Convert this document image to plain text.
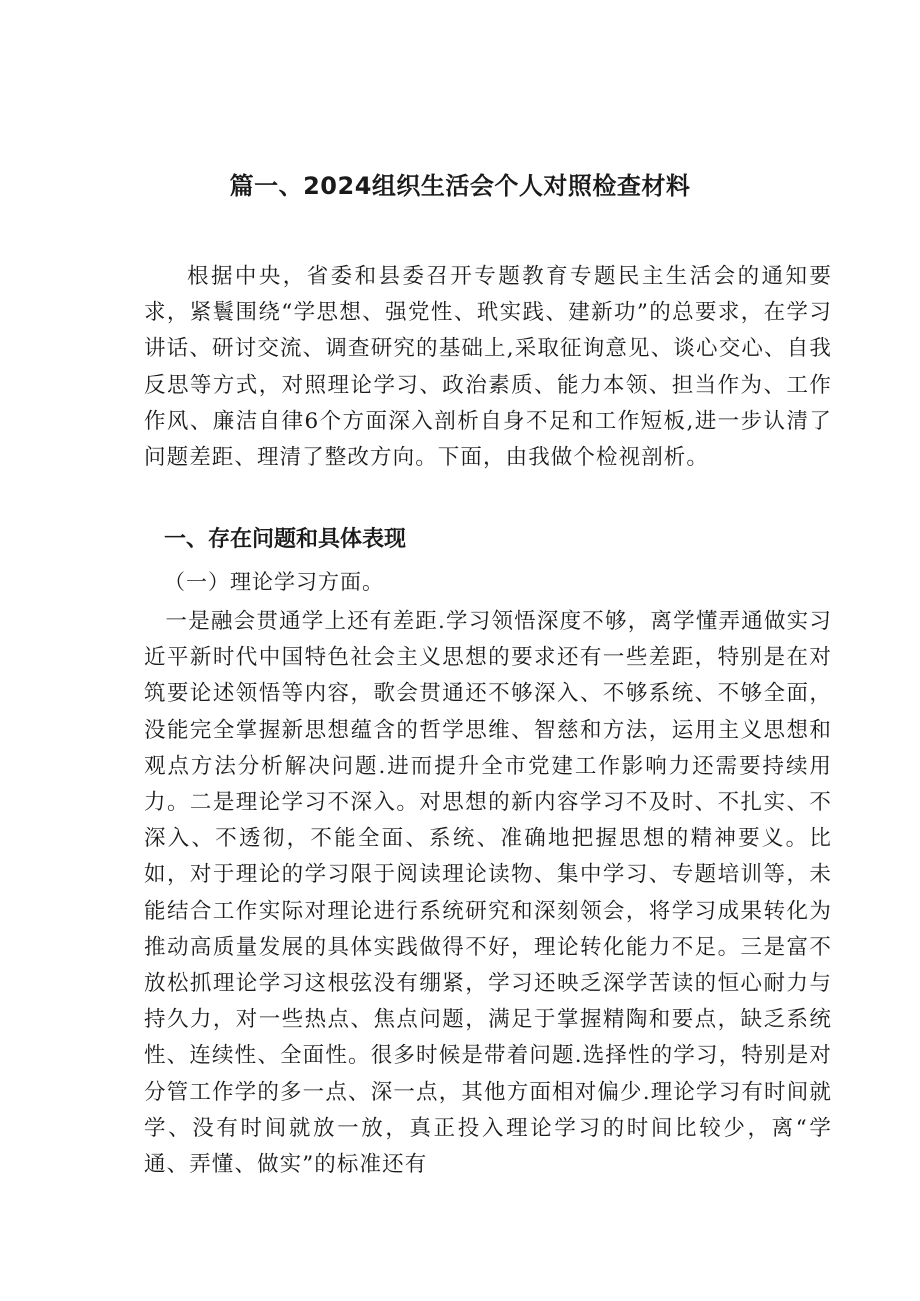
篇一、2024组织生活会个人对照检查材料
根据中央，省委和县委召开专题教育专题民主生活会的通知要求，紧鬟围绕“学思想、强党性、玳实践、建新功”的总要求，在学习讲话、研讨交流、调查研究的基础上,采取征询意见、谈心交心、自我反思等方式，对照理论学习、政治素质、能力本领、担当作为、工作作风、廉洁自律6个方面深入剖析自身不足和工作短板,进一步认清了问题差距、理清了整改方向。下面，由我做个检视剖析。
一、存在问题和具体表现
（一）理论学习方面。
一是融会贯通学上还有差距.学习领悟深度不够，离学懂弄通做实习近平新时代中国特色社会主义思想的要求还有一些差距，特别是在对筑要论述领悟等内容，歌会贯通还不够深入、不够系统、不够全面，没能完全掌握新思想蕴含的哲学思维、智慈和方法，运用主义思想和观点方法分析解决问题.进而提升全市党建工作影响力还需要持续用力。二是理论学习不深入。对思想的新内容学习不及时、不扎实、不深入、不透彻，不能全面、系统、准确地把握思想的精神要义。比如，对于理论的学习限于阅读理论读物、集中学习、专题培训等，未能结合工作实际对理论进行系统研究和深刻领会，将学习成果转化为推动高质量发展的具体实践做得不好，理论转化能力不足。三是富不放松抓理论学习这根弦没有绷紧，学习还映乏深学苦读的恒心耐力与持久力，对一些热点、焦点问题，满足于掌握精陶和要点，缺乏系统性、连续性、全面性。很多时候是带着问题.选择性的学习，特别是对分管工作学的多一点、深一点，其他方面相对偏少.理论学习有时间就学、没有时间就放一放，真正投入理论学习的时间比较少，离“学通、弄懂、做实”的标准还有
